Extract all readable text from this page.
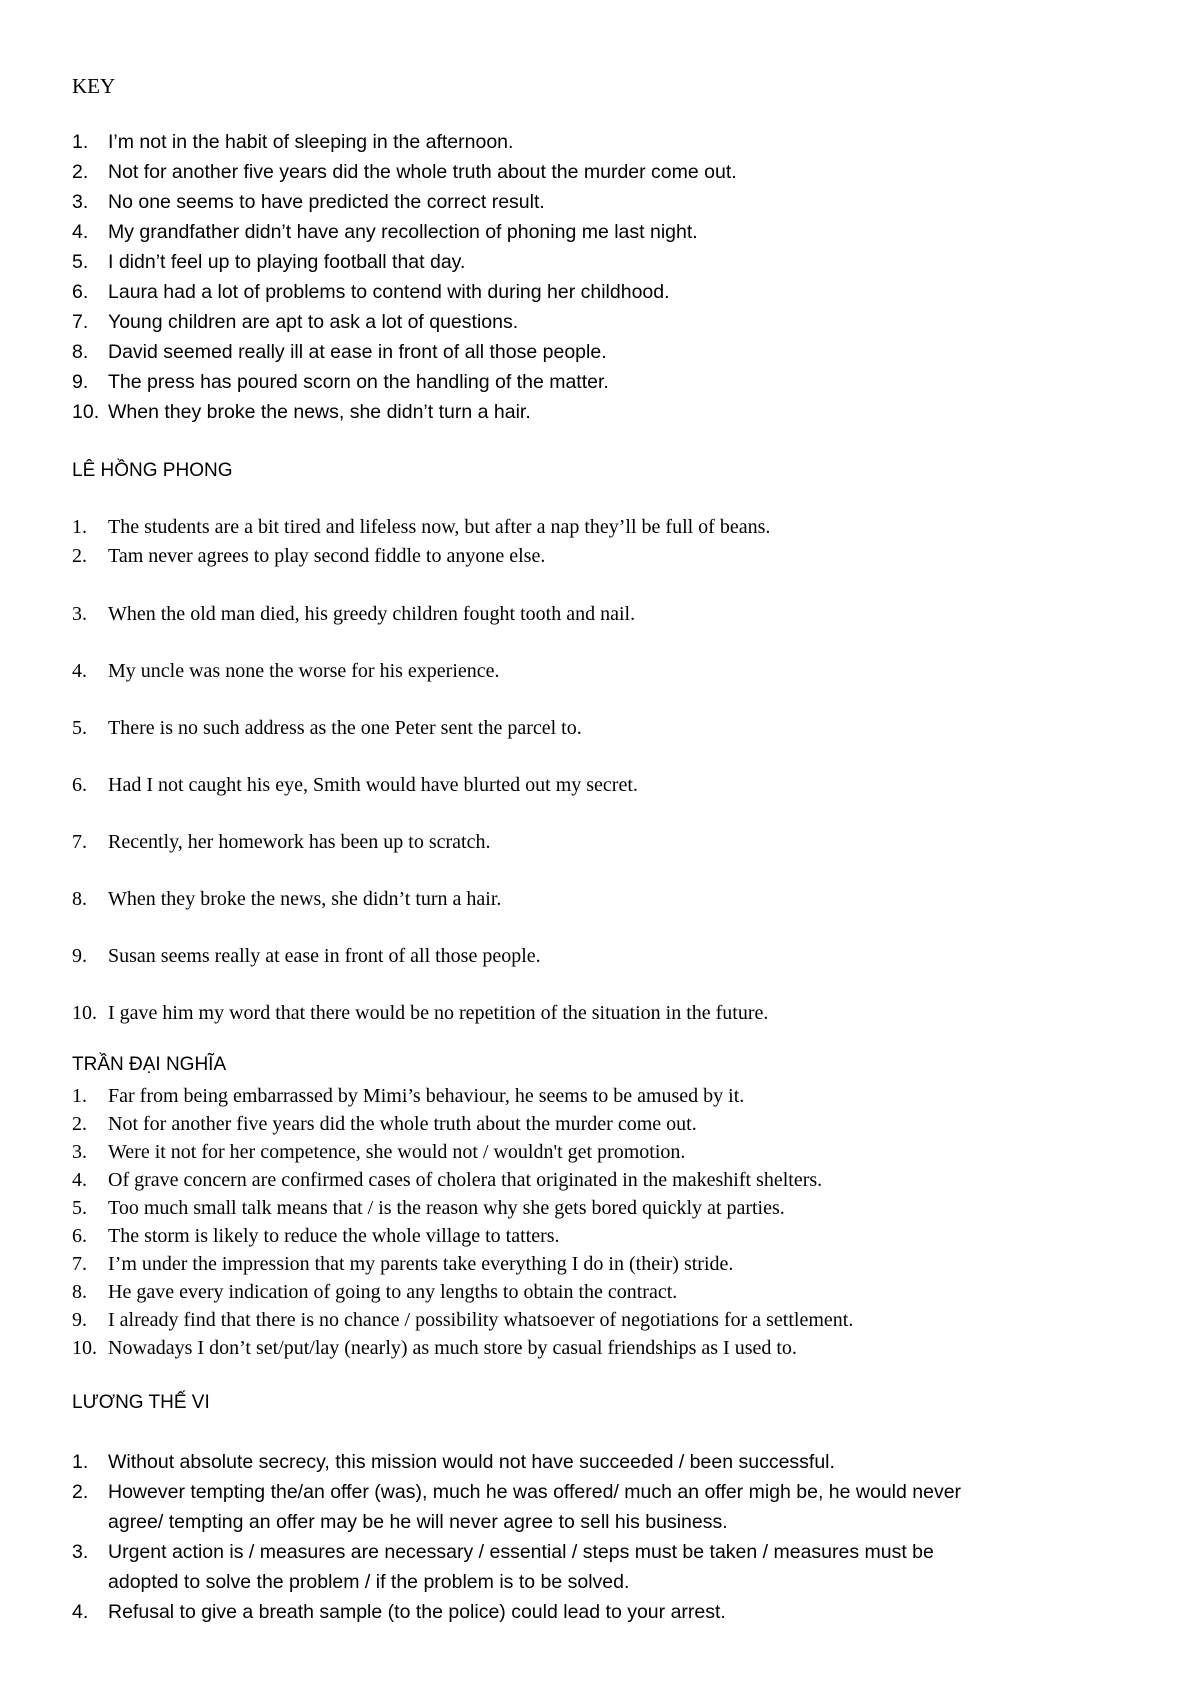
KEY
1. I’m not in the habit of sleeping in the afternoon.
2. Not for another five years did the whole truth about the murder come out.
3. No one seems to have predicted the correct result.
4. My grandfather didn’t have any recollection of phoning me last night.
5. I didn’t feel up to playing football that day.
6. Laura had a lot of problems to contend with during her childhood.
7. Young children are apt to ask a lot of questions.
8. David seemed really ill at ease in front of all those people.
9. The press has poured scorn on the handling of the matter.
10. When they broke the news, she didn’t turn a hair.
LÊ HỒNG PHONG
1. The students are a bit tired and lifeless now, but after a nap they’ll be full of beans.
2. Tam never agrees to play second fiddle to anyone else.
3. When the old man died, his greedy children fought tooth and nail.
4. My uncle was none the worse for his experience.
5. There is no such address as the one Peter sent the parcel to.
6. Had I not caught his eye, Smith would have blurted out my secret.
7. Recently, her homework has been up to scratch.
8. When they broke the news, she didn’t turn a hair.
9. Susan seems really at ease in front of all those people.
10. I gave him my word that there would be no repetition of the situation in the future.
TRẦN ĐẠI NGHĨA
1. Far from being embarrassed by Mimi’s behaviour, he seems to be amused by it.
2. Not for another five years did the whole truth about the murder come out.
3. Were it not for her competence, she would not / wouldn't get promotion.
4. Of grave concern are confirmed cases of cholera that originated in the makeshift shelters.
5. Too much small talk means that / is the reason why she gets bored quickly at parties.
6. The storm is likely to reduce the whole village to tatters.
7. I’m under the impression that my parents take everything I do in (their) stride.
8. He gave every indication of going to any lengths to obtain the contract.
9. I already find that there is no chance / possibility whatsoever of negotiations for a settlement.
10. Nowadays I don’t set/put/lay (nearly) as much store by casual friendships as I used to.
LƯƠNG THẾ VI
1. Without absolute secrecy, this mission would not have succeeded / been successful.
2. However tempting the/an offer (was), much he was offered/ much an offer migh be, he would never
agree/ tempting an offer may be he will never agree to sell his business.
3. Urgent action is / measures are necessary / essential / steps must be taken / measures must be
adopted to solve the problem / if the problem is to be solved.
4. Refusal to give a breath sample (to the police) could lead to your arrest.
